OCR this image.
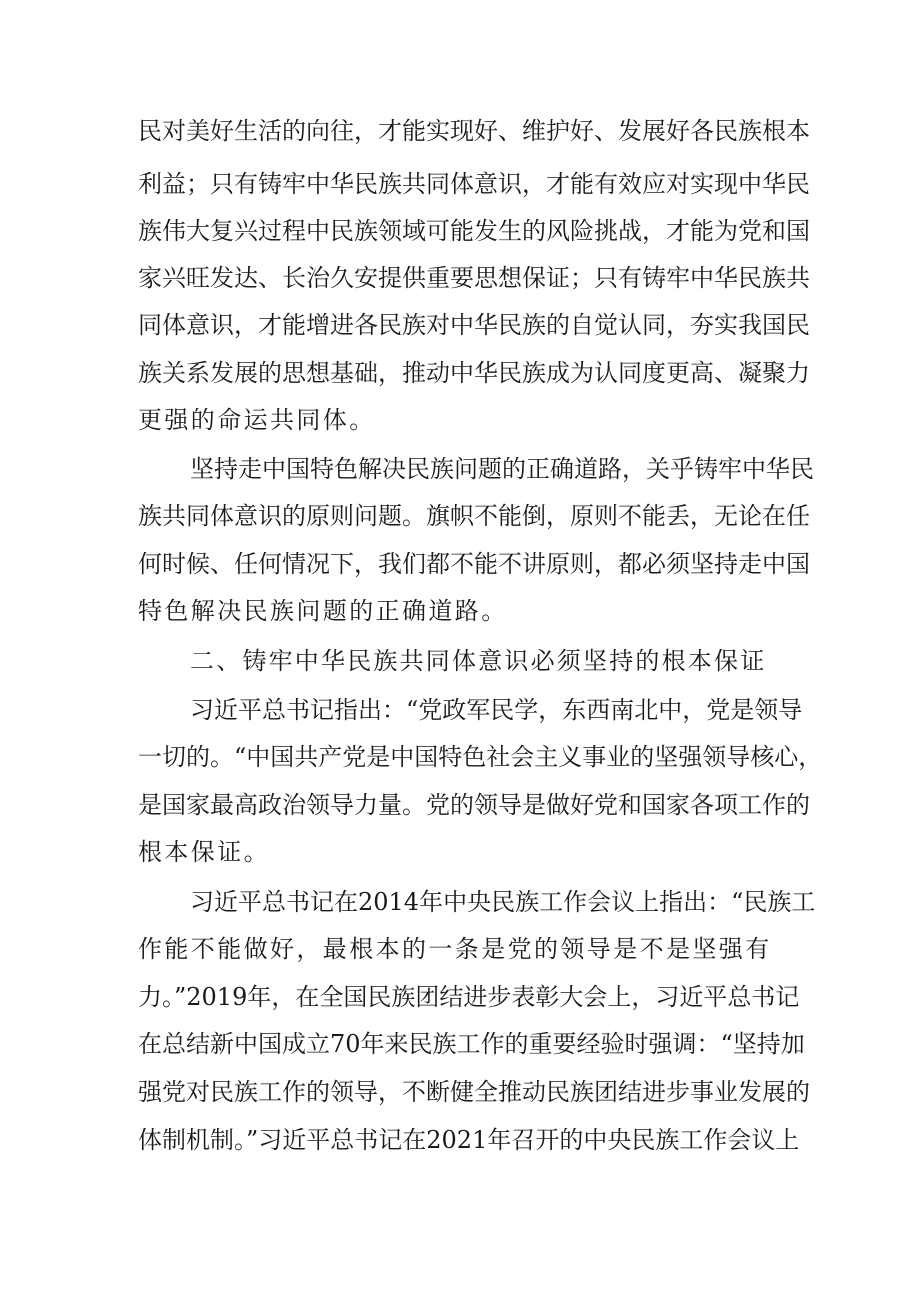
民对美好生活的向往，才能实现好、维护好、发展好各民族根本
利益；只有铸牢中华民族共同体意识，才能有效应对实现中华民
族伟大复兴过程中民族领域可能发生的风险挑战，才能为党和国
家兴旺发达、长治久安提供重要思想保证；只有铸牢中华民族共
同体意识，才能增进各民族对中华民族的自觉认同，夯实我国民
族关系发展的思想基础，推动中华民族成为认同度更高、凝聚力
更强的命运共同体。
坚持走中国特色解决民族问题的正确道路，关乎铸牢中华民
族共同体意识的原则问题。旗帜不能倒，原则不能丢，无论在任
何时候、任何情况下，我们都不能不讲原则，都必须坚持走中国
特色解决民族问题的正确道路。
二、铸牢中华民族共同体意识必须坚持的根本保证
习近平总书记指出：“党政军民学，东西南北中，党是领导
一切的。“中国共产党是中国特色社会主义事业的坚强领导核心，
是国家最高政治领导力量。党的领导是做好党和国家各项工作的
根本保证。
习近平总书记在2014年中央民族工作会议上指出：“民族工
作能不能做好，最根本的一条是党的领导是不是坚强有
力。”2019年，在全国民族团结进步表彰大会上，习近平总书记
在总结新中国成立70年来民族工作的重要经验时强调：“坚持加
强党对民族工作的领导，不断健全推动民族团结进步事业发展的
体制机制。”习近平总书记在2021年召开的中央民族工作会议上
